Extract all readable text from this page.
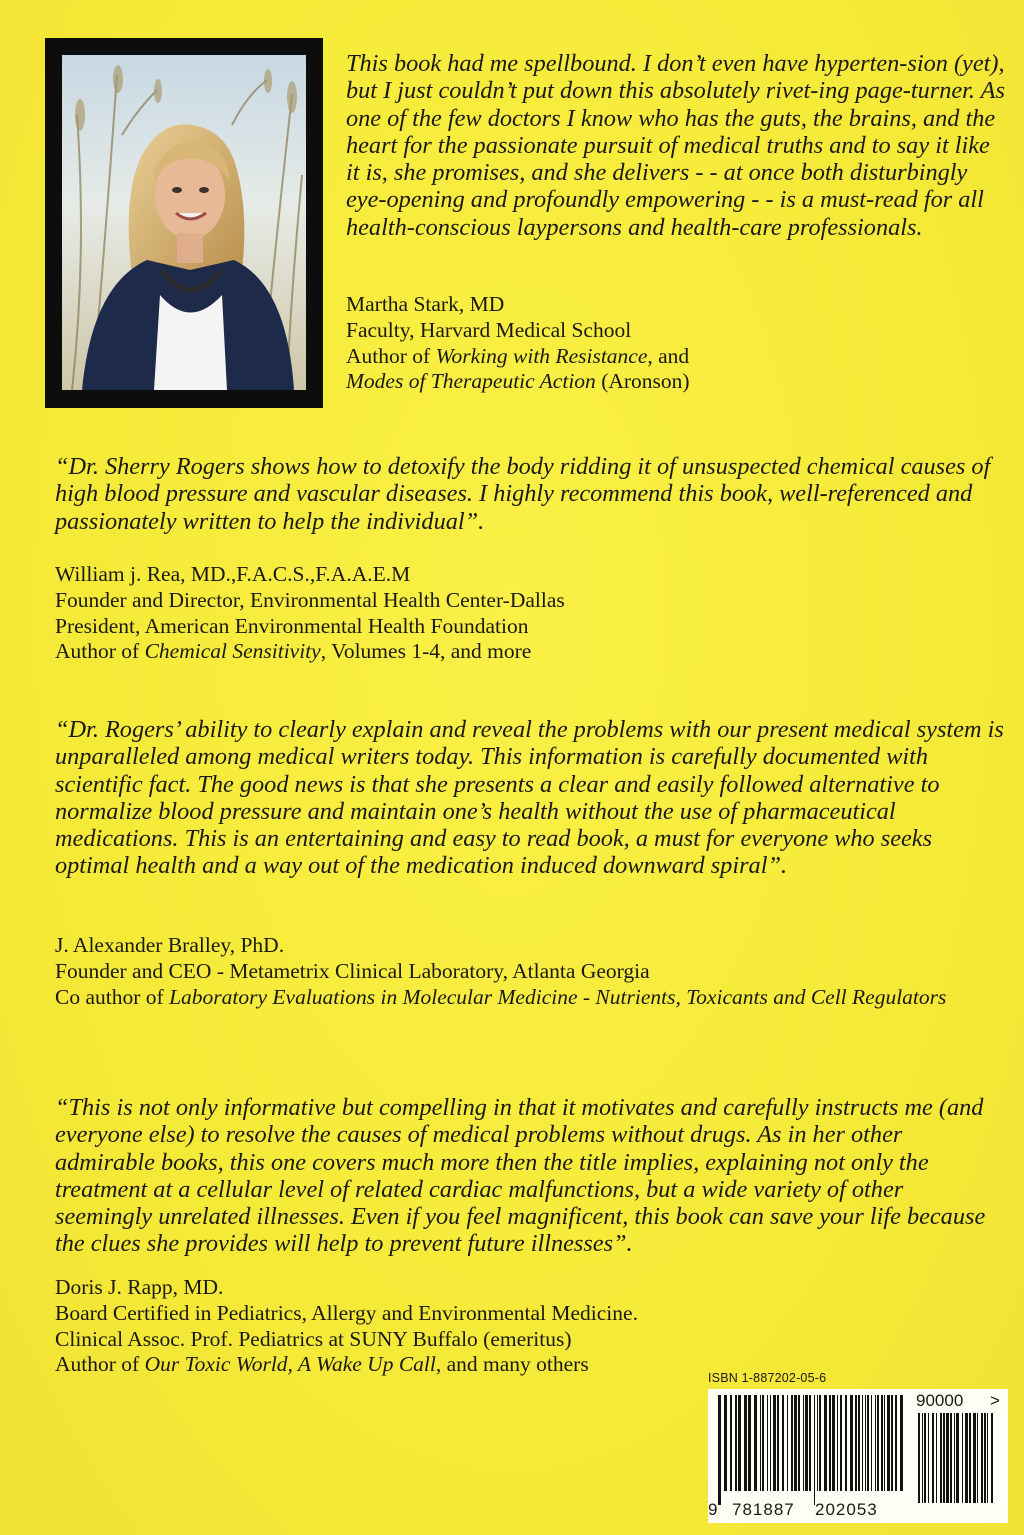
This book had me spellbound. I don’t even have hyperten-sion (yet), but I just couldn’t put down this absolutely rivet-ing page-turner. As one of the few doctors I know who has the guts, the brains, and the heart for the passionate pursuit of medical truths and to say it like it is, she promises, and she delivers - - at once both disturbingly eye-opening and profoundly empowering - - is a must-read for all health-conscious laypersons and health-care professionals.

Martha Stark, MD
Faculty, Harvard Medical School
Author of Working with Resistance, and
Modes of Therapeutic Action (Aronson)

“Dr. Sherry Rogers shows how to detoxify the body ridding it of unsuspected chemical causes of high blood pressure and vascular diseases. I highly recommend this book, well-referenced and passionately written to help the individual”.

William j. Rea, MD.,F.A.C.S.,F.A.A.E.M
Founder and Director, Environmental Health Center-Dallas
President, American Environmental Health Foundation
Author of Chemical Sensitivity, Volumes 1-4, and more

“Dr. Rogers’ ability to clearly explain and reveal the problems with our present medical system is unparalleled among medical writers today. This information is carefully documented with scientific fact. The good news is that she presents a clear and easily followed alternative to normalize blood pressure and maintain one’s health without the use of pharmaceutical medications. This is an entertaining and easy to read book, a must for everyone who seeks optimal health and a way out of the medication induced downward spiral”.

J. Alexander Bralley, PhD.
Founder and CEO - Metametrix Clinical Laboratory, Atlanta Georgia
Co author of Laboratory Evaluations in Molecular Medicine - Nutrients, Toxicants and Cell Regulators

“This is not only informative but compelling in that it motivates and carefully instructs me (and everyone else) to resolve the causes of medical problems without drugs. As in her other admirable books, this one covers much more then the title implies, explaining not only the treatment at a cellular level of related cardiac malfunctions, but a wide variety of other seemingly unrelated illnesses. Even if you feel magnificent, this book can save your life because the clues she provides will help to prevent future illnesses”.

Doris J. Rapp, MD.
Board Certified in Pediatrics, Allergy and Environmental Medicine.
Clinical Assoc. Prof. Pediatrics at SUNY Buffalo (emeritus)
Author of Our Toxic World, A Wake Up Call, and many others

ISBN 1-887202-05-6
90000 >
9 781887 202053
